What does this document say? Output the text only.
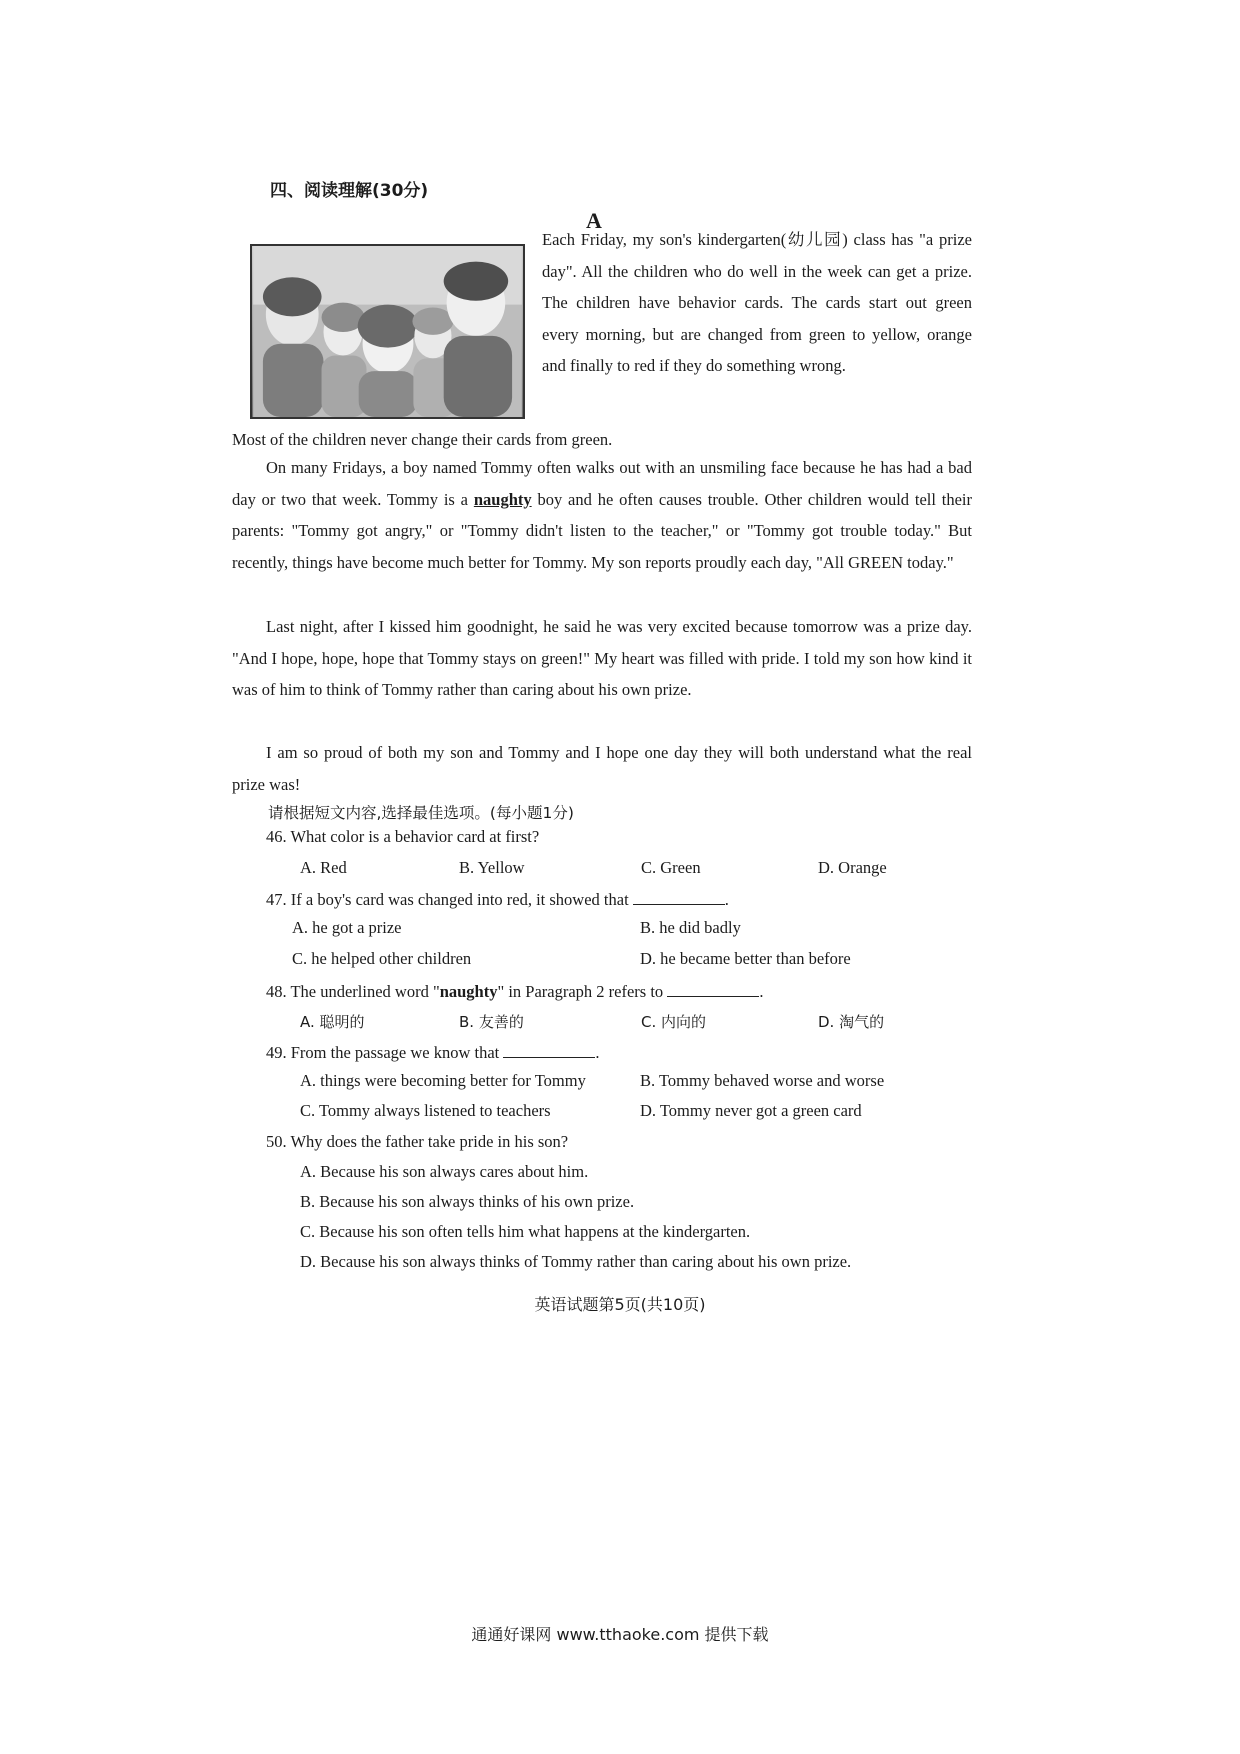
四、阅读理解(30分)
A
Each Friday, my son's kindergarten(幼儿园) class has "a prize day". All the children who do well in the week can get a prize. The children have behavior cards. The cards start out green every morning, but are changed from green to yellow, orange and finally to red if they do something wrong.
Most of the children never change their cards from green.
On many Fridays, a boy named Tommy often walks out with an unsmiling face because he has had a bad day or two that week. Tommy is a naughty boy and he often causes trouble. Other children would tell their parents: "Tommy got angry," or "Tommy didn't listen to the teacher," or "Tommy got trouble today." But recently, things have become much better for Tommy. My son reports proudly each day, "All GREEN today."
Last night, after I kissed him goodnight, he said he was very excited because tomorrow was a prize day. "And I hope, hope, hope that Tommy stays on green!" My heart was filled with pride. I told my son how kind it was of him to think of Tommy rather than caring about his own prize.
I am so proud of both my son and Tommy and I hope one day they will both understand what the real prize was!
请根据短文内容,选择最佳选项。(每小题1分)
46. What color is a behavior card at first?
A. Red	B. Yellow	C. Green	D. Orange
47. If a boy's card was changed into red, it showed that	.
A. he got a prize	B. he did badly
C. he helped other children	D. he became better than before
48. The underlined word "naughty" in Paragraph 2 refers to	.
A. 聪明的	B. 友善的	C. 内向的	D. 淘气的
49. From the passage we know that	.
A. things were becoming better for Tommy	B. Tommy behaved worse and worse
C. Tommy always listened to teachers	D. Tommy never got a green card
50. Why does the father take pride in his son?
A. Because his son always cares about him.
B. Because his son always thinks of his own prize.
C. Because his son often tells him what happens at the kindergarten.
D. Because his son always thinks of Tommy rather than caring about his own prize.
英语试题第5页(共10页)
通通好课网 www.tthaoke.com 提供下载
